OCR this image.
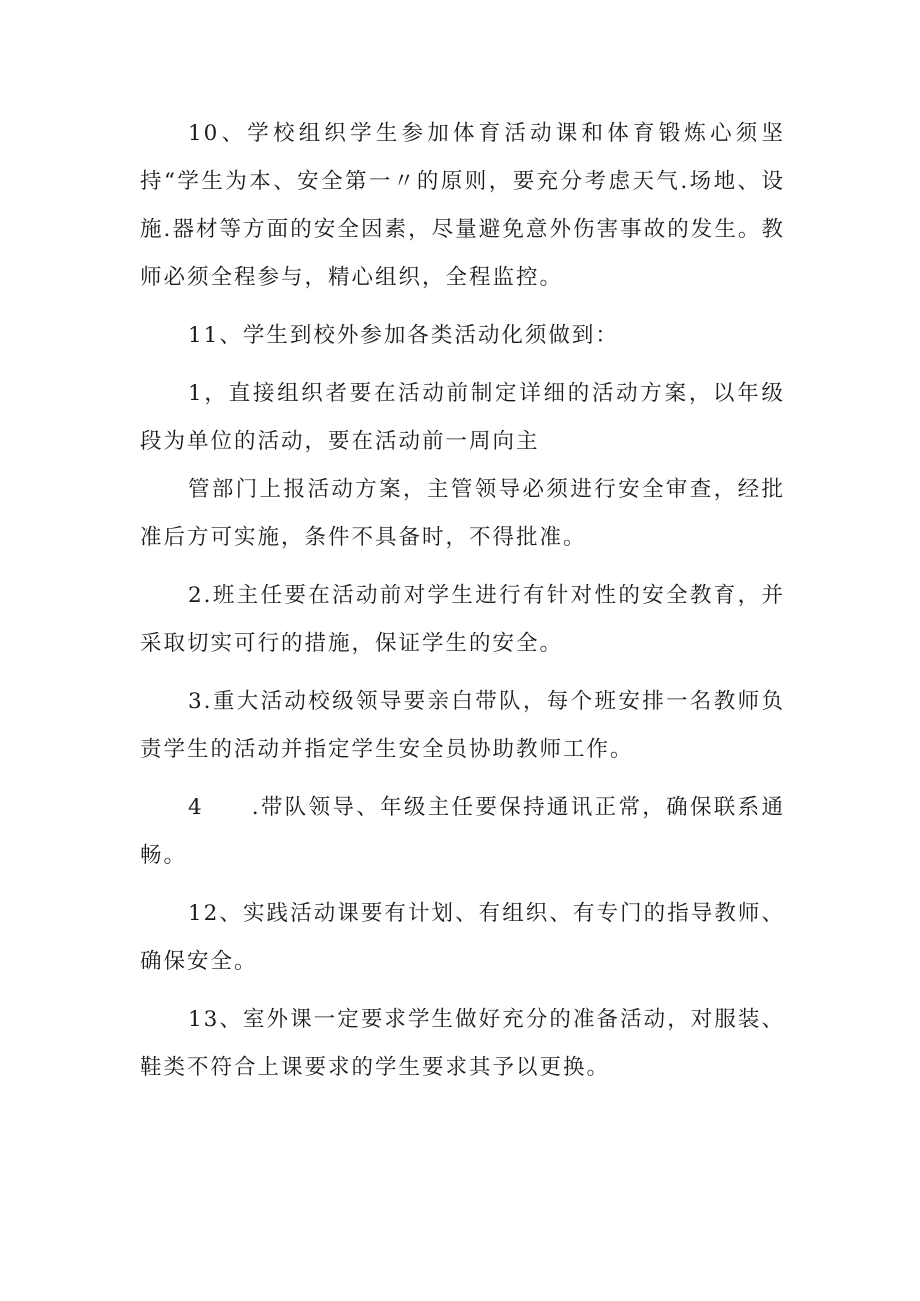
10、学校组织学生参加体育活动课和体育锻炼心须坚持“学生为本、安全第一〃的原则，要充分考虑天气.场地、设施.器材等方面的安全因素，尽量避免意外伤害事故的发生。教师必须全程参与，精心组织，全程监控。

11、学生到校外参加各类活动化须做到：

1，直接组织者要在活动前制定详细的活动方案，以年级段为单位的活动，要在活动前一周向主

管部门上报活动方案，主管领导必须进行安全审查，经批准后方可实施，条件不具备时，不得批准。

2.班主任要在活动前对学生进行有针对性的安全教育，并采取切实可行的措施，保证学生的安全。

3.重大活动校级领导要亲白带队，每个班安排一名教师负责学生的活动并指定学生安全员协助教师工作。

4　　.带队领导、年级主任要保持通讯正常，确保联系通畅。

12、实践活动课要有计划、有组织、有专门的指导教师、确保安全。

13、室外课一定要求学生做好充分的准备活动，对服装、鞋类不符合上课要求的学生要求其予以更换。
